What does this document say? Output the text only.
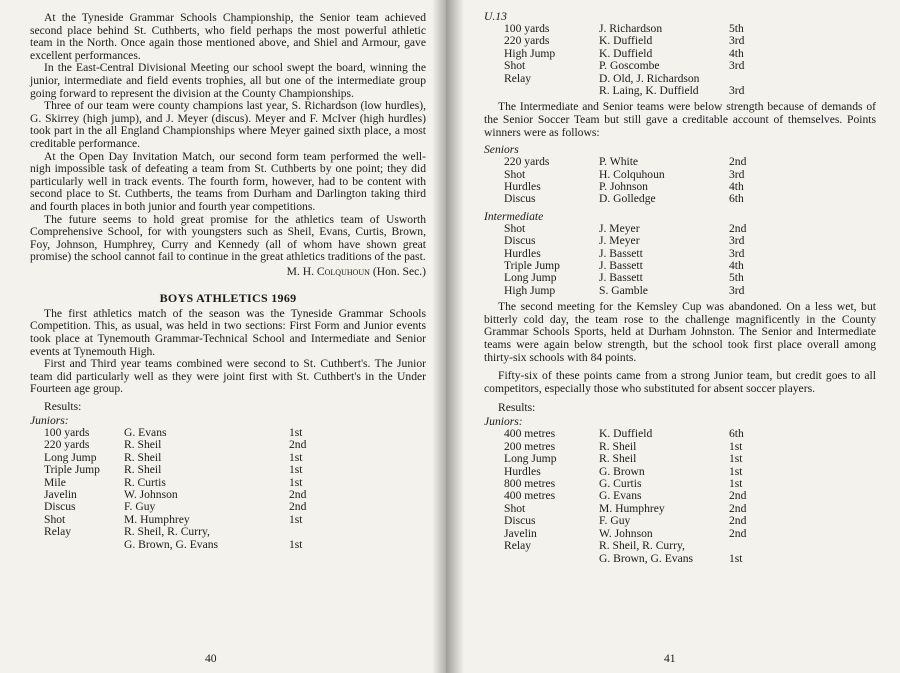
At the Tyneside Grammar Schools Championship, the Senior team achieved second place behind St. Cuthberts, who field perhaps the most powerful athletic team in the North. Once again those mentioned above, and Shiel and Armour, gave excellent performances.

In the East-Central Divisional Meeting our school swept the board, winning the junior, intermediate and field events trophies, all but one of the intermediate group going forward to represent the division at the County Championships.

Three of our team were county champions last year, S. Richardson (low hurdles), G. Skirrey (high jump), and J. Meyer (discus). Meyer and F. McIver (high hurdles) took part in the all England Championships where Meyer gained sixth place, a most creditable performance.

At the Open Day Invitation Match, our second form team performed the well-nigh impossible task of defeating a team from St. Cuthberts by one point; they did particularly well in track events. The fourth form, however, had to be content with second place to St. Cuthberts, the teams from Durham and Darlington taking third and fourth places in both junior and fourth year competitions.

The future seems to hold great promise for the athletics team of Usworth Comprehensive School, for with youngsters such as Sheil, Evans, Curtis, Brown, Foy, Johnson, Humphrey, Curry and Kennedy (all of whom have shown great promise) the school cannot fail to continue in the great athletics traditions of the past.

M. H. Colquhoun (Hon. Sec.)
BOYS ATHLETICS 1969

The first athletics match of the season was the Tyneside Grammar Schools Competition. This, as usual, was held in two sections: First Form and Junior events took place at Tynemouth Grammar-Technical School and Intermediate and Senior events at Tynemouth High.

First and Third year teams combined were second to St. Cuthbert's. The Junior team did particularly well as they were joint first with St. Cuthbert's in the Under Fourteen age group.

Results:
Juniors:
100 yards	G. Evans	1st
220 yards	R. Sheil	2nd
Long Jump	R. Sheil	1st
Triple Jump	R. Sheil	1st
Mile	R. Curtis	1st
Javelin	W. Johnson	2nd
Discus	F. Guy	2nd
Shot	M. Humphrey	1st
Relay	R. Sheil, R. Curry,	
	G. Brown, G. Evans	1st
40
U.13
100 yards	J. Richardson	5th
220 yards	K. Duffield	3rd
High Jump	K. Duffield	4th
Shot	P. Goscombe	3rd
Relay	D. Old, J. Richardson	
	R. Laing, K. Duffield	3rd

The Intermediate and Senior teams were below strength because of demands of the Senior Soccer Team but still gave a creditable account of themselves. Points winners were as follows:

Seniors
220 yards	P. White	2nd
Shot	H. Colquhoun	3rd
Hurdles	P. Johnson	4th
Discus	D. Golledge	6th
Intermediate
Shot	J. Meyer	2nd
Discus	J. Meyer	3rd
Hurdles	J. Bassett	3rd
Triple Jump	J. Bassett	4th
Long Jump	J. Bassett	5th
High Jump	S. Gamble	3rd

The second meeting for the Kemsley Cup was abandoned. On a less wet, but bitterly cold day, the team rose to the challenge magnificently in the County Grammar Schools Sports, held at Durham Johnston. The Senior and Intermediate teams were again below strength, but the school took first place overall among thirty-six schools with 84 points.

Fifty-six of these points came from a strong Junior team, but credit goes to all competitors, especially those who substituted for absent soccer players.

Results:
Juniors:
400 metres	K. Duffield	6th
200 metres	R. Sheil	1st
Long Jump	R. Sheil	1st
Hurdles	G. Brown	1st
800 metres	G. Curtis	1st
400 metres	G. Evans	2nd
Shot	M. Humphrey	2nd
Discus	F. Guy	2nd
Javelin	W. Johnson	2nd
Relay	R. Sheil, R. Curry,	
	G. Brown, G. Evans	1st
41
